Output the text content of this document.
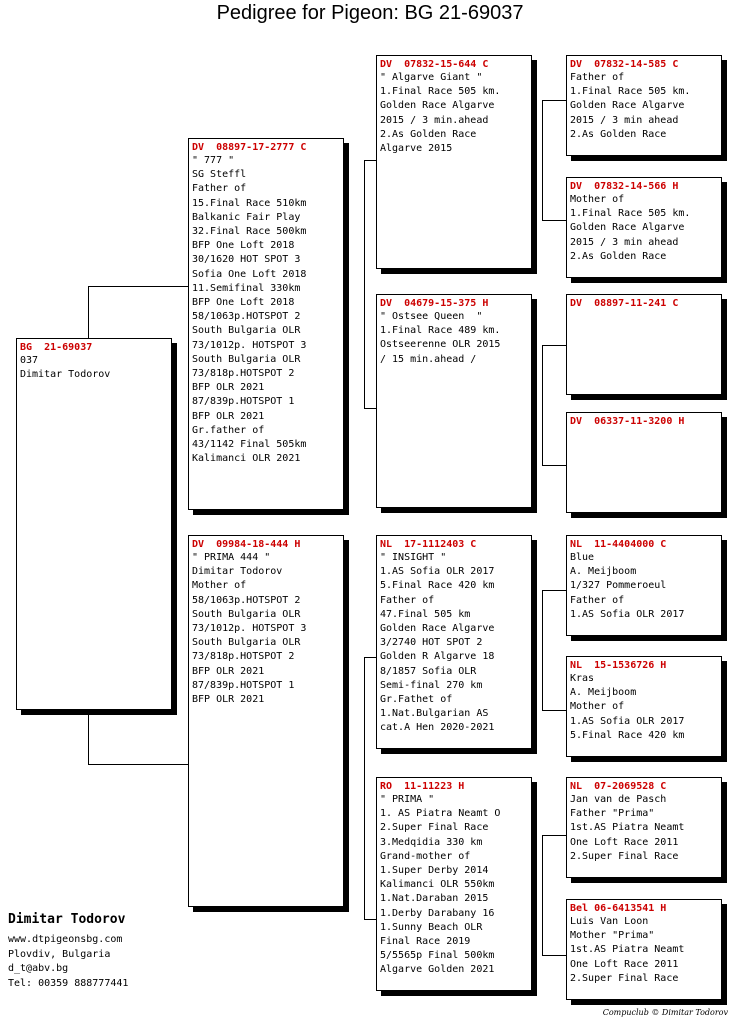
Pedigree for Pigeon: BG 21-69037
BG  21-69037
037
Dimitar Todorov
DV  08897-17-2777 C
" 777 "
SG Steffl
Father of
15.Final Race 510km
Balkanic Fair Play
32.Final Race 500km
BFP One Loft 2018
30/1620 HOT SPOT 3
Sofia One Loft 2018
11.Semifinal 330km
BFP One Loft 2018
58/1063p.HOTSPOT 2
South Bulgaria OLR
73/1012p. HOTSPOT 3
South Bulgaria OLR
73/818p.HOTSPOT 2
BFP OLR 2021
87/839p.HOTSPOT 1
BFP OLR 2021
Gr.father of
43/1142 Final 505km
Kalimanci OLR 2021
DV  09984-18-444 H
" PRIMA 444 "
Dimitar Todorov
Mother of
58/1063p.HOTSPOT 2
South Bulgaria OLR
73/1012p. HOTSPOT 3
South Bulgaria OLR
73/818p.HOTSPOT 2
BFP OLR 2021
87/839p.HOTSPOT 1
BFP OLR 2021
DV  07832-15-644 C
" Algarve Giant "
1.Final Race 505 km.
Golden Race Algarve
2015 / 3 min.ahead
2.As Golden Race
Algarve 2015
DV  04679-15-375 H
" Ostsee Queen  "
1.Final Race 489 km.
Ostseerenne OLR 2015
/ 15 min.ahead /
NL  17-1112403 C
" INSIGHT "
1.AS Sofia OLR 2017
5.Final Race 420 km
Father of
47.Final 505 km
Golden Race Algarve
3/2740 HOT SPOT 2
Golden R Algarve 18
8/1857 Sofia OLR
Semi-final 270 km
Gr.Fathet of
1.Nat.Bulgarian AS
cat.A Hen 2020-2021
RO  11-11223 H
" PRIMA "
1. AS Piatra Neamt O
2.Super Final Race
3.Medqidia 330 km
Grand-mother of
1.Super Derby 2014
Kalimanci OLR 550km
1.Nat.Daraban 2015
1.Derby Darabany 16
1.Sunny Beach OLR
Final Race 2019
5/5565p Final 500km
Algarve Golden 2021
DV  07832-14-585 C
Father of
1.Final Race 505 km.
Golden Race Algarve
2015 / 3 min ahead
2.As Golden Race
DV  07832-14-566 H
Mother of
1.Final Race 505 km.
Golden Race Algarve
2015 / 3 min ahead
2.As Golden Race
DV  08897-11-241 C
DV  06337-11-3200 H
NL  11-4404000 C
Blue
A. Meijboom
1/327 Pommeroeul
Father of
1.AS Sofia OLR 2017
NL  15-1536726 H
Kras
A. Meijboom
Mother of
1.AS Sofia OLR 2017
5.Final Race 420 km
NL  07-2069528 C
Jan van de Pasch
Father "Prima"
1st.AS Piatra Neamt
One Loft Race 2011
2.Super Final Race
Bel 06-6413541 H
Luis Van Loon
Mother "Prima"
1st.AS Piatra Neamt
One Loft Race 2011
2.Super Final Race
Dimitar Todorov
www.dtpigeonsbg.com
Plovdiv, Bulgaria
d_t@abv.bg
Tel: 00359 888777441
Compuclub © Dimitar Todorov
